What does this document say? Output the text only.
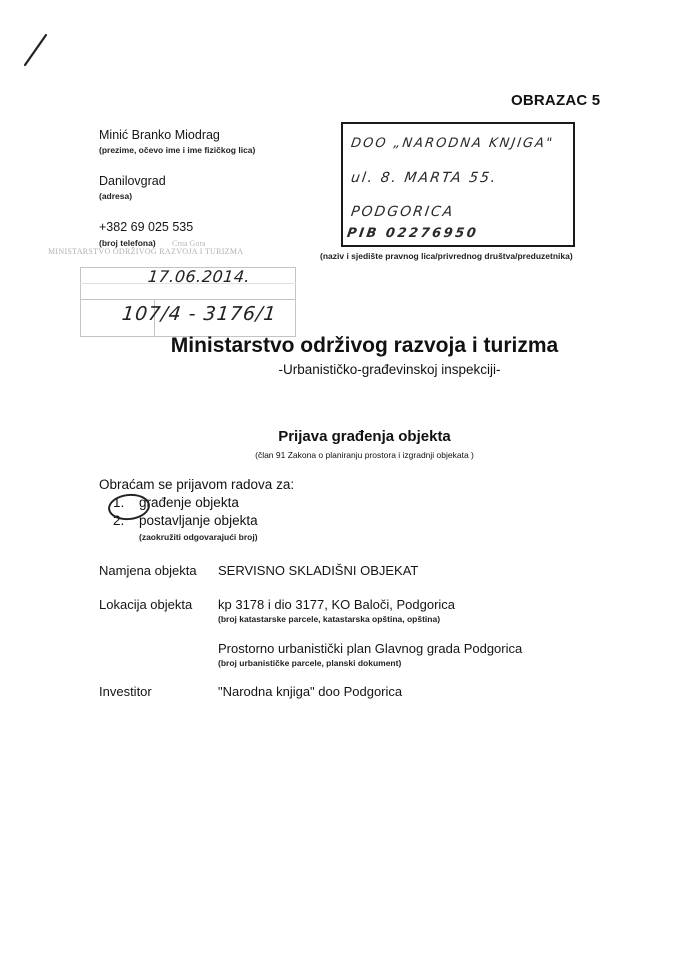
OBRAZAC 5
Minić Branko Miodrag
(prezime, očevo ime i ime fizičkog lica)
Danilovgrad
(adresa)
+382 69 025 535
(broj telefona)
DOO „NARODNA KNJIGA"
ul. 8. MARTA 55.
PODGORICA
PIB 02276950
(naziv i sjedište pravnog lica/privrednog društva/preduzetnika)
Crna Gora
MINISTARSTVO ODRŽIVOG RAZVOJA I TURIZMA
17.06.2014.
107/4 - 3176/1
Ministarstvo održivog razvoja i turizma
-Urbanističko-građevinskoj inspekciji-
Prijava građenja objekta
(član 91 Zakona o planiranju prostora i izgradnji objekata )
Obraćam se prijavom radova za:
1. građenje objekta
2. postavljanje objekta
(zaokružiti odgovarajući broj)
Namjena objekta SERVISNO SKLADIŠNI OBJEKAT
Lokacija objekta kp 3178 i dio 3177, KO Baloči, Podgorica
(broj katastarske parcele, katastarska opština, opština)
Prostorno urbanistički plan Glavnog grada Podgorica
(broj urbanističke parcele, planski dokument)
Investitor	"Narodna knjiga" doo Podgorica
